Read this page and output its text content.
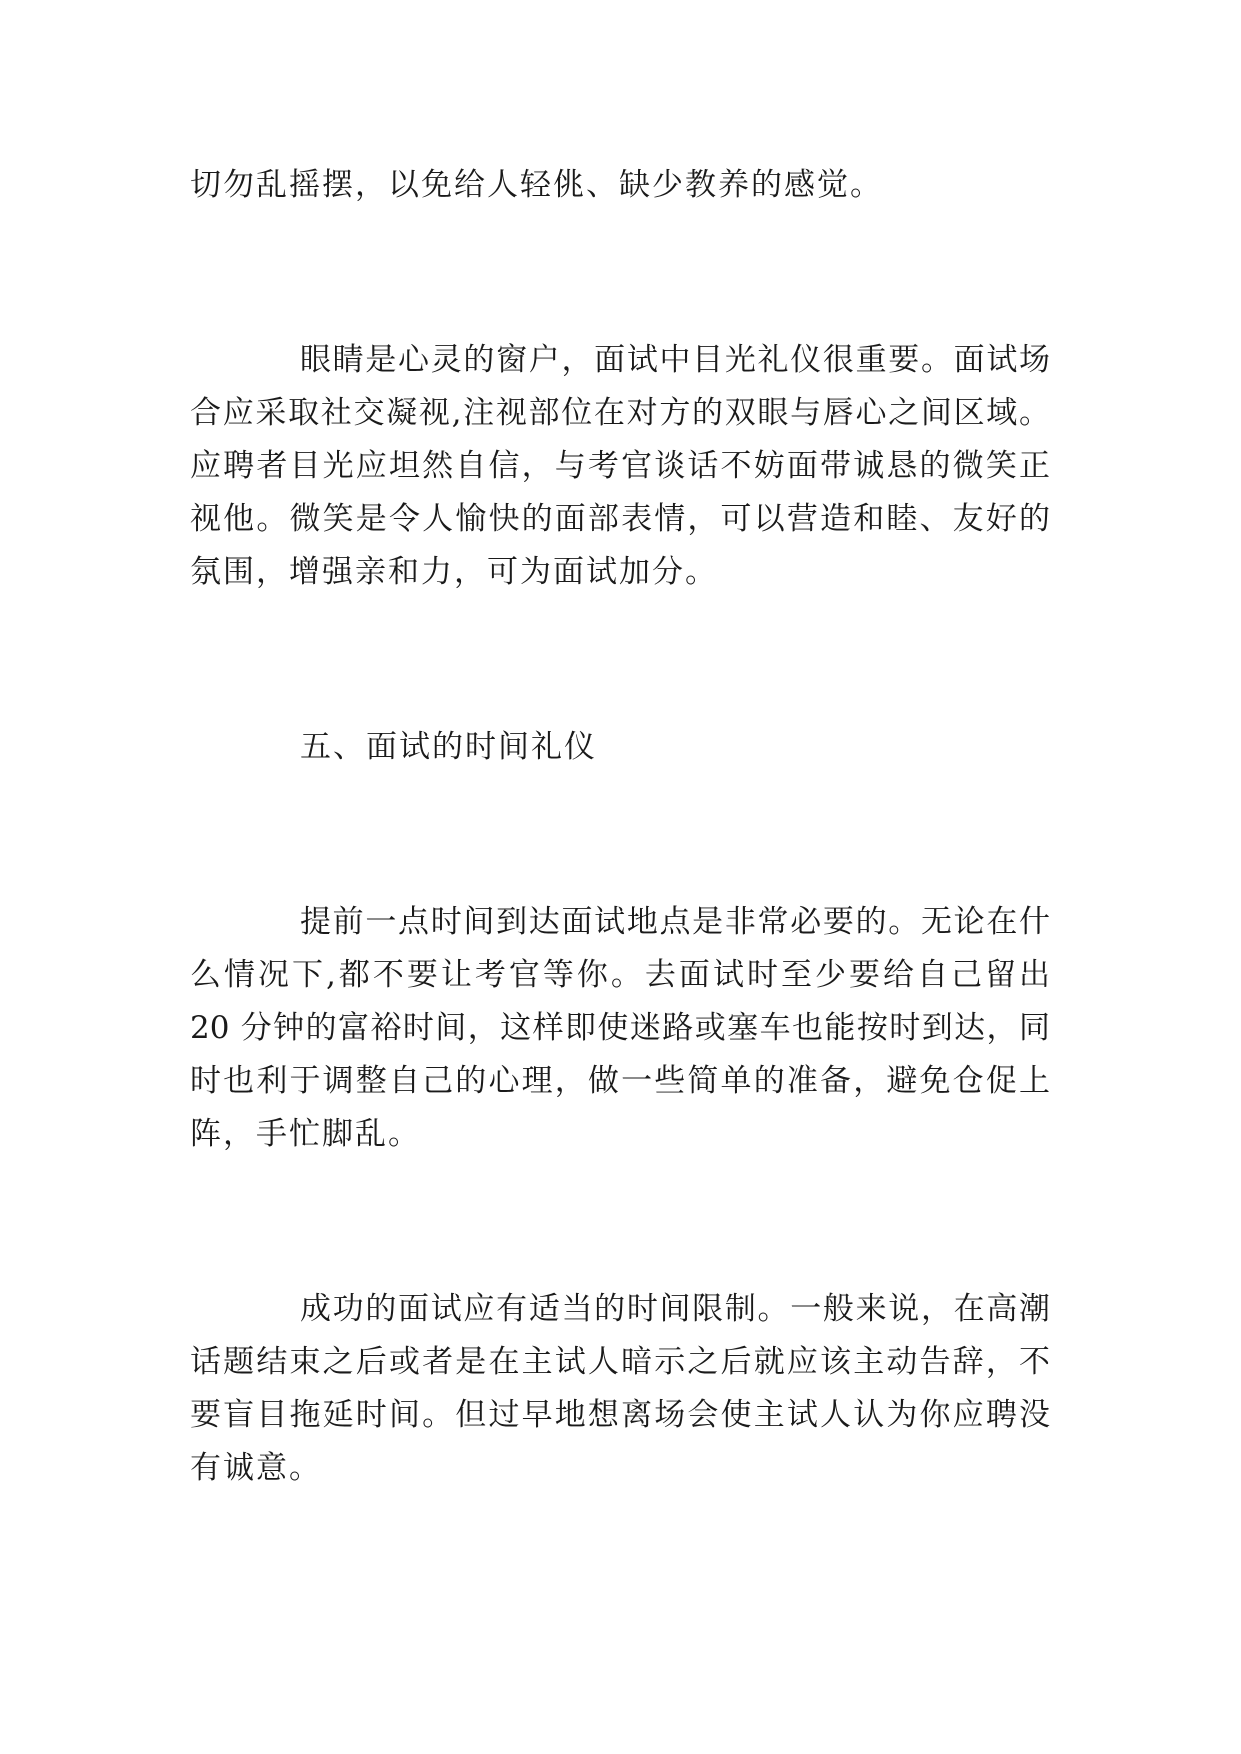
切勿乱摇摆，以免给人轻佻、缺少教养的感觉。
眼睛是心灵的窗户，面试中目光礼仪很重要。面试场
合应采取社交凝视,注视部位在对方的双眼与唇心之间区域。
应聘者目光应坦然自信，与考官谈话不妨面带诚恳的微笑正
视他。微笑是令人愉快的面部表情，可以营造和睦、友好的
氛围，增强亲和力，可为面试加分。
五、面试的时间礼仪
提前一点时间到达面试地点是非常必要的。无论在什
么情况下,都不要让考官等你。去面试时至少要给自己留出
20 分钟的富裕时间，这样即使迷路或塞车也能按时到达，同
时也利于调整自己的心理，做一些简单的准备，避免仓促上
阵，手忙脚乱。
成功的面试应有适当的时间限制。一般来说，在高潮
话题结束之后或者是在主试人暗示之后就应该主动告辞，不
要盲目拖延时间。但过早地想离场会使主试人认为你应聘没
有诚意。
